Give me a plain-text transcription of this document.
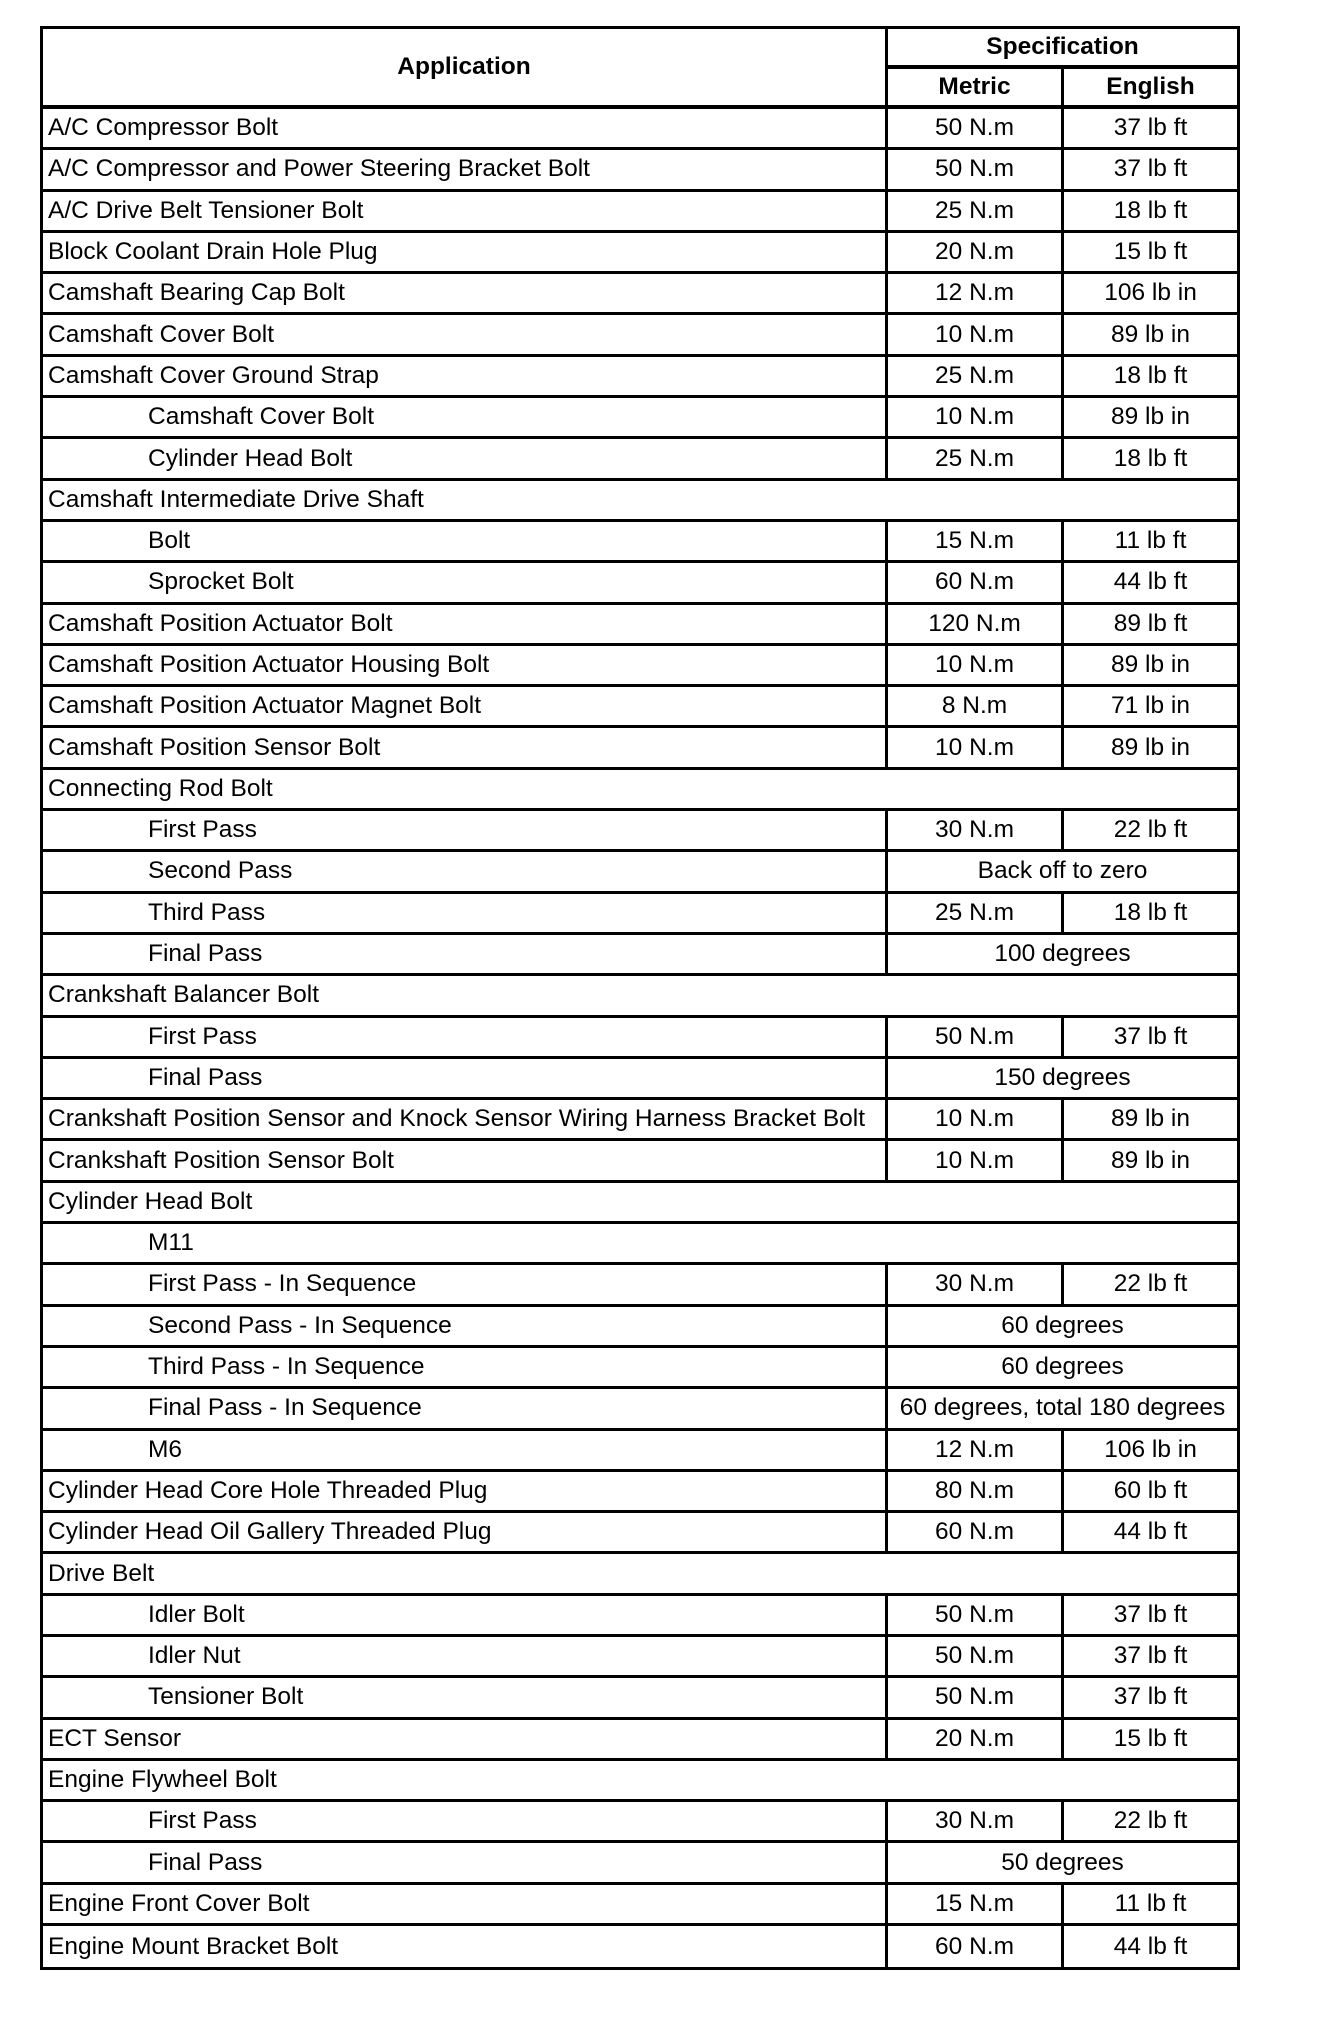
Application	Specification	
	Metric	English
A/C Compressor Bolt	50 N.m	37 lb ft
A/C Compressor and Power Steering Bracket Bolt	50 N.m	37 lb ft
A/C Drive Belt Tensioner Bolt	25 N.m	18 lb ft
Block Coolant Drain Hole Plug	20 N.m	15 lb ft
Camshaft Bearing Cap Bolt	12 N.m	106 lb in
Camshaft Cover Bolt	10 N.m	89 lb in
Camshaft Cover Ground Strap	25 N.m	18 lb ft
Camshaft Cover Bolt	10 N.m	89 lb in
Cylinder Head Bolt	25 N.m	18 lb ft
Camshaft Intermediate Drive Shaft		
Bolt	15 N.m	11 lb ft
Sprocket Bolt	60 N.m	44 lb ft
Camshaft Position Actuator Bolt	120 N.m	89 lb ft
Camshaft Position Actuator Housing Bolt	10 N.m	89 lb in
Camshaft Position Actuator Magnet Bolt	8 N.m	71 lb in
Camshaft Position Sensor Bolt	10 N.m	89 lb in
Connecting Rod Bolt		
First Pass	30 N.m	22 lb ft
Second Pass	Back off to zero	
Third Pass	25 N.m	18 lb ft
Final Pass	100 degrees	
Crankshaft Balancer Bolt		
First Pass	50 N.m	37 lb ft
Final Pass	150 degrees	
Crankshaft Position Sensor and Knock Sensor Wiring Harness Bracket Bolt	10 N.m	89 lb in
Crankshaft Position Sensor Bolt	10 N.m	89 lb in
Cylinder Head Bolt		
M11		
First Pass - In Sequence	30 N.m	22 lb ft
Second Pass - In Sequence	60 degrees	
Third Pass - In Sequence	60 degrees	
Final Pass - In Sequence	60 degrees, total 180 degrees	
M6	12 N.m	106 lb in
Cylinder Head Core Hole Threaded Plug	80 N.m	60 lb ft
Cylinder Head Oil Gallery Threaded Plug	60 N.m	44 lb ft
Drive Belt		
Idler Bolt	50 N.m	37 lb ft
Idler Nut	50 N.m	37 lb ft
Tensioner Bolt	50 N.m	37 lb ft
ECT Sensor	20 N.m	15 lb ft
Engine Flywheel Bolt		
First Pass	30 N.m	22 lb ft
Final Pass	50 degrees	
Engine Front Cover Bolt	15 N.m	11 lb ft
Engine Mount Bracket Bolt	60 N.m	44 lb ft
